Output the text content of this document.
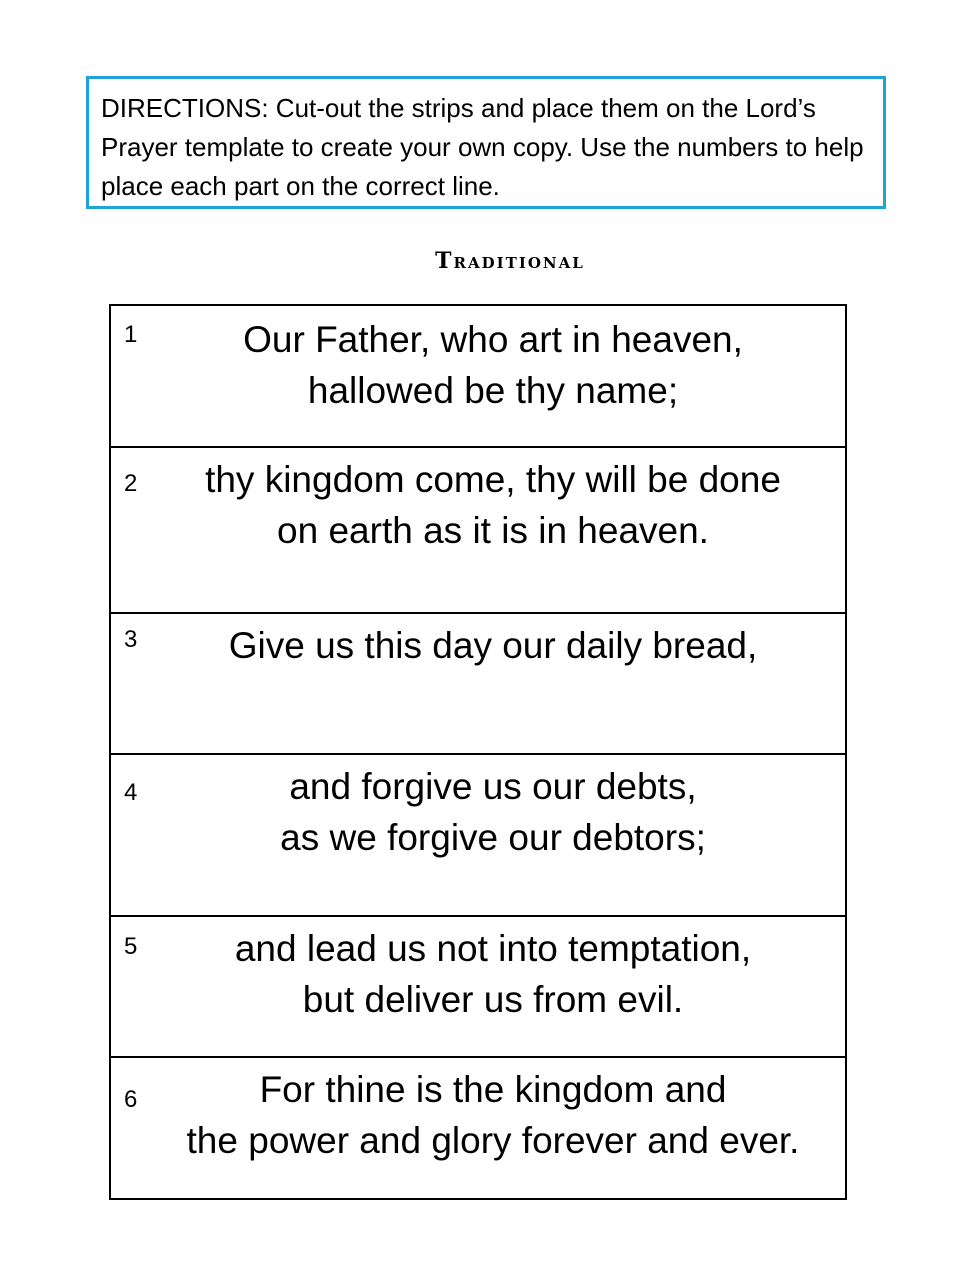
DIRECTIONS: Cut-out the strips and place them on the Lord’s Prayer template to create your own copy. Use the numbers to help place each part on the correct line.
Traditional
1	Our Father, who art in heaven,
hallowed be thy name;
2	thy kingdom come, thy will be done
on earth as it is in heaven.
3	Give us this day our daily bread,
4	and forgive us our debts,
as we forgive our debtors;
5	and lead us not into temptation,
but deliver us from evil.
6	For thine is the kingdom and
the power and glory forever and ever.
